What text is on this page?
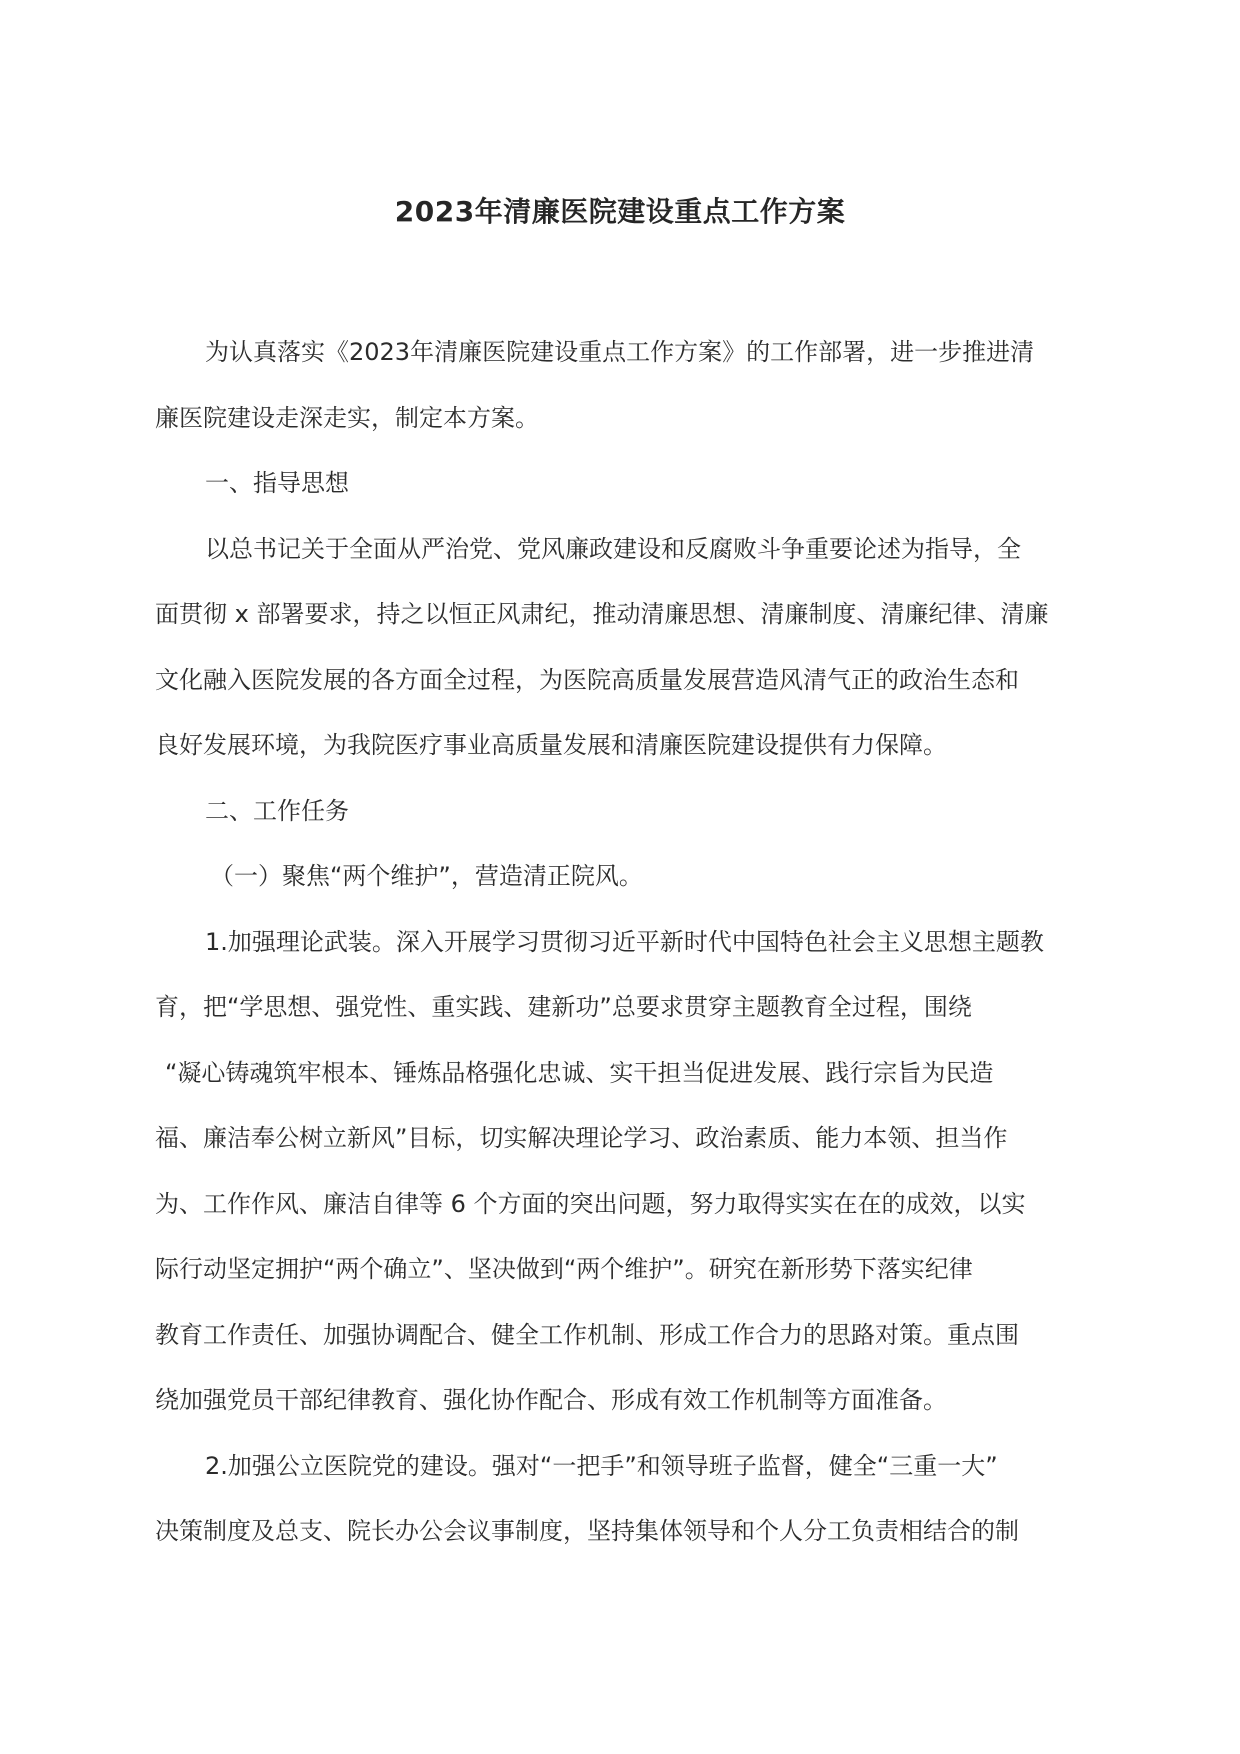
2023年清廉医院建设重点工作方案
为认真落实《2023年清廉医院建设重点工作方案》的工作部署，进一步推进清
廉医院建设走深走实，制定本方案。
一、指导思想
以总书记关于全面从严治党、党风廉政建设和反腐败斗争重要论述为指导，全
面贯彻 x 部署要求，持之以恒正风肃纪，推动清廉思想、清廉制度、清廉纪律、清廉
文化融入医院发展的各方面全过程，为医院高质量发展营造风清气正的政治生态和
良好发展环境，为我院医疗事业高质量发展和清廉医院建设提供有力保障。
二、工作任务
（一）聚焦“两个维护”，营造清正院风。
1.加强理论武装。深入开展学习贯彻习近平新时代中国特色社会主义思想主题教
育，把“学思想、强党性、重实践、建新功”总要求贯穿主题教育全过程，围绕
“凝心铸魂筑牢根本、锤炼品格强化忠诚、实干担当促进发展、践行宗旨为民造
福、廉洁奉公树立新风”目标，切实解决理论学习、政治素质、能力本领、担当作
为、工作作风、廉洁自律等 6 个方面的突出问题，努力取得实实在在的成效，以实
际行动坚定拥护“两个确立”、坚决做到“两个维护”。研究在新形势下落实纪律
教育工作责任、加强协调配合、健全工作机制、形成工作合力的思路对策。重点围
绕加强党员干部纪律教育、强化协作配合、形成有效工作机制等方面准备。
2.加强公立医院党的建设。强对“一把手”和领导班子监督，健全“三重一大”
决策制度及总支、院长办公会议事制度，坚持集体领导和个人分工负责相结合的制
